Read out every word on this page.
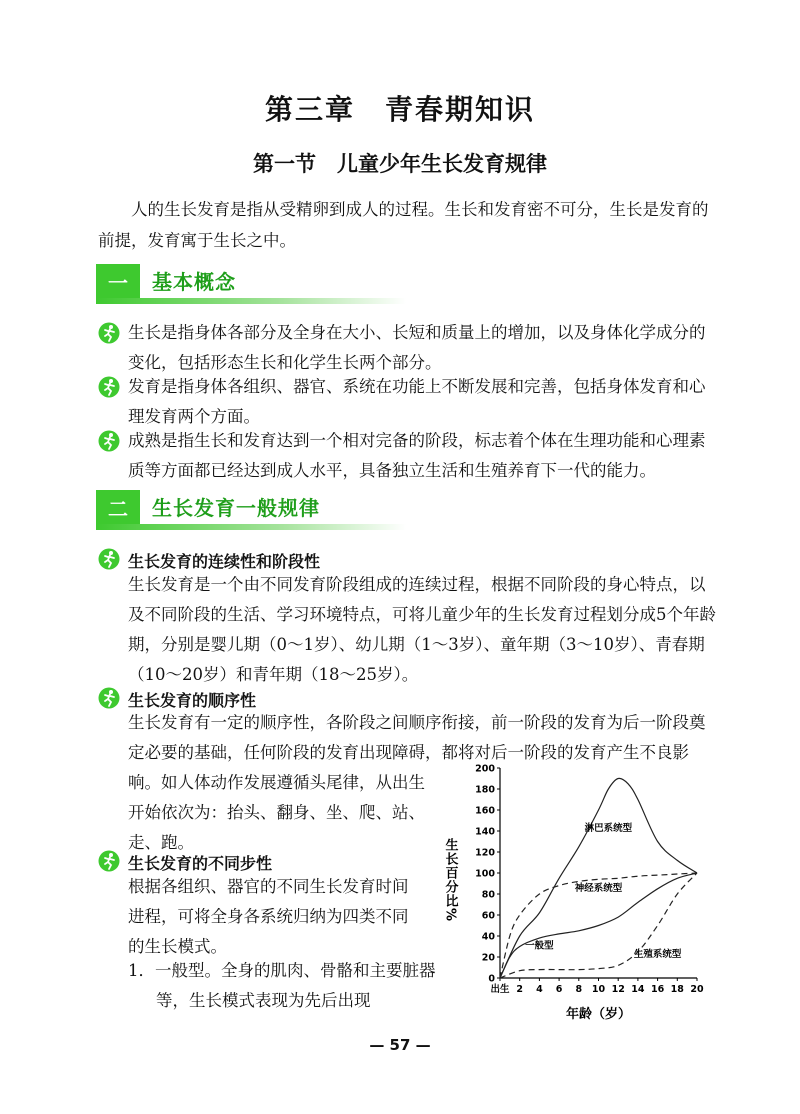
第三章　青春期知识
第一节　儿童少年生长发育规律
人的生长发育是指从受精卵到成人的过程。生长和发育密不可分，生长是发育的前提，发育寓于生长之中。
一	基本概念
生长是指身体各部分及全身在大小、长短和质量上的增加，以及身体化学成分的变化，包括形态生长和化学生长两个部分。
发育是指身体各组织、器官、系统在功能上不断发展和完善，包括身体发育和心理发育两个方面。
成熟是指生长和发育达到一个相对完备的阶段，标志着个体在生理功能和心理素质等方面都已经达到成人水平，具备独立生活和生殖养育下一代的能力。
二	生长发育一般规律
生长发育的连续性和阶段性
生长发育是一个由不同发育阶段组成的连续过程，根据不同阶段的身心特点，以及不同阶段的生活、学习环境特点，可将儿童少年的生长发育过程划分成5个年龄期，分别是婴儿期（0～1岁）、幼儿期（1～3岁）、童年期（3～10岁）、青春期（10～20岁）和青年期（18～25岁）。
生长发育的顺序性
生长发育有一定的顺序性，各阶段之间顺序衔接，前一阶段的发育为后一阶段奠定必要的基础，任何阶段的发育出现障碍，都将对后一阶段的发育产生不良影
响。如人体动作发展遵循头尾律，从出生开始依次为：抬头、翻身、坐、爬、站、走、跑。
生长发育的不同步性
根据各组织、器官的不同生长发育时间进程，可将全身各系统归纳为四类不同的生长模式。
1．一般型。全身的肌肉、骨骼和主要脏器等，生长模式表现为先后出现
0
20
40
60
80
100
120
140
160
180
200
出生 2 4 6 8 10 12 14 16 18 20
生长百分比%
年龄（岁）
淋巴系统型
神经系统型
一般型
生殖系统型
— 57 —
